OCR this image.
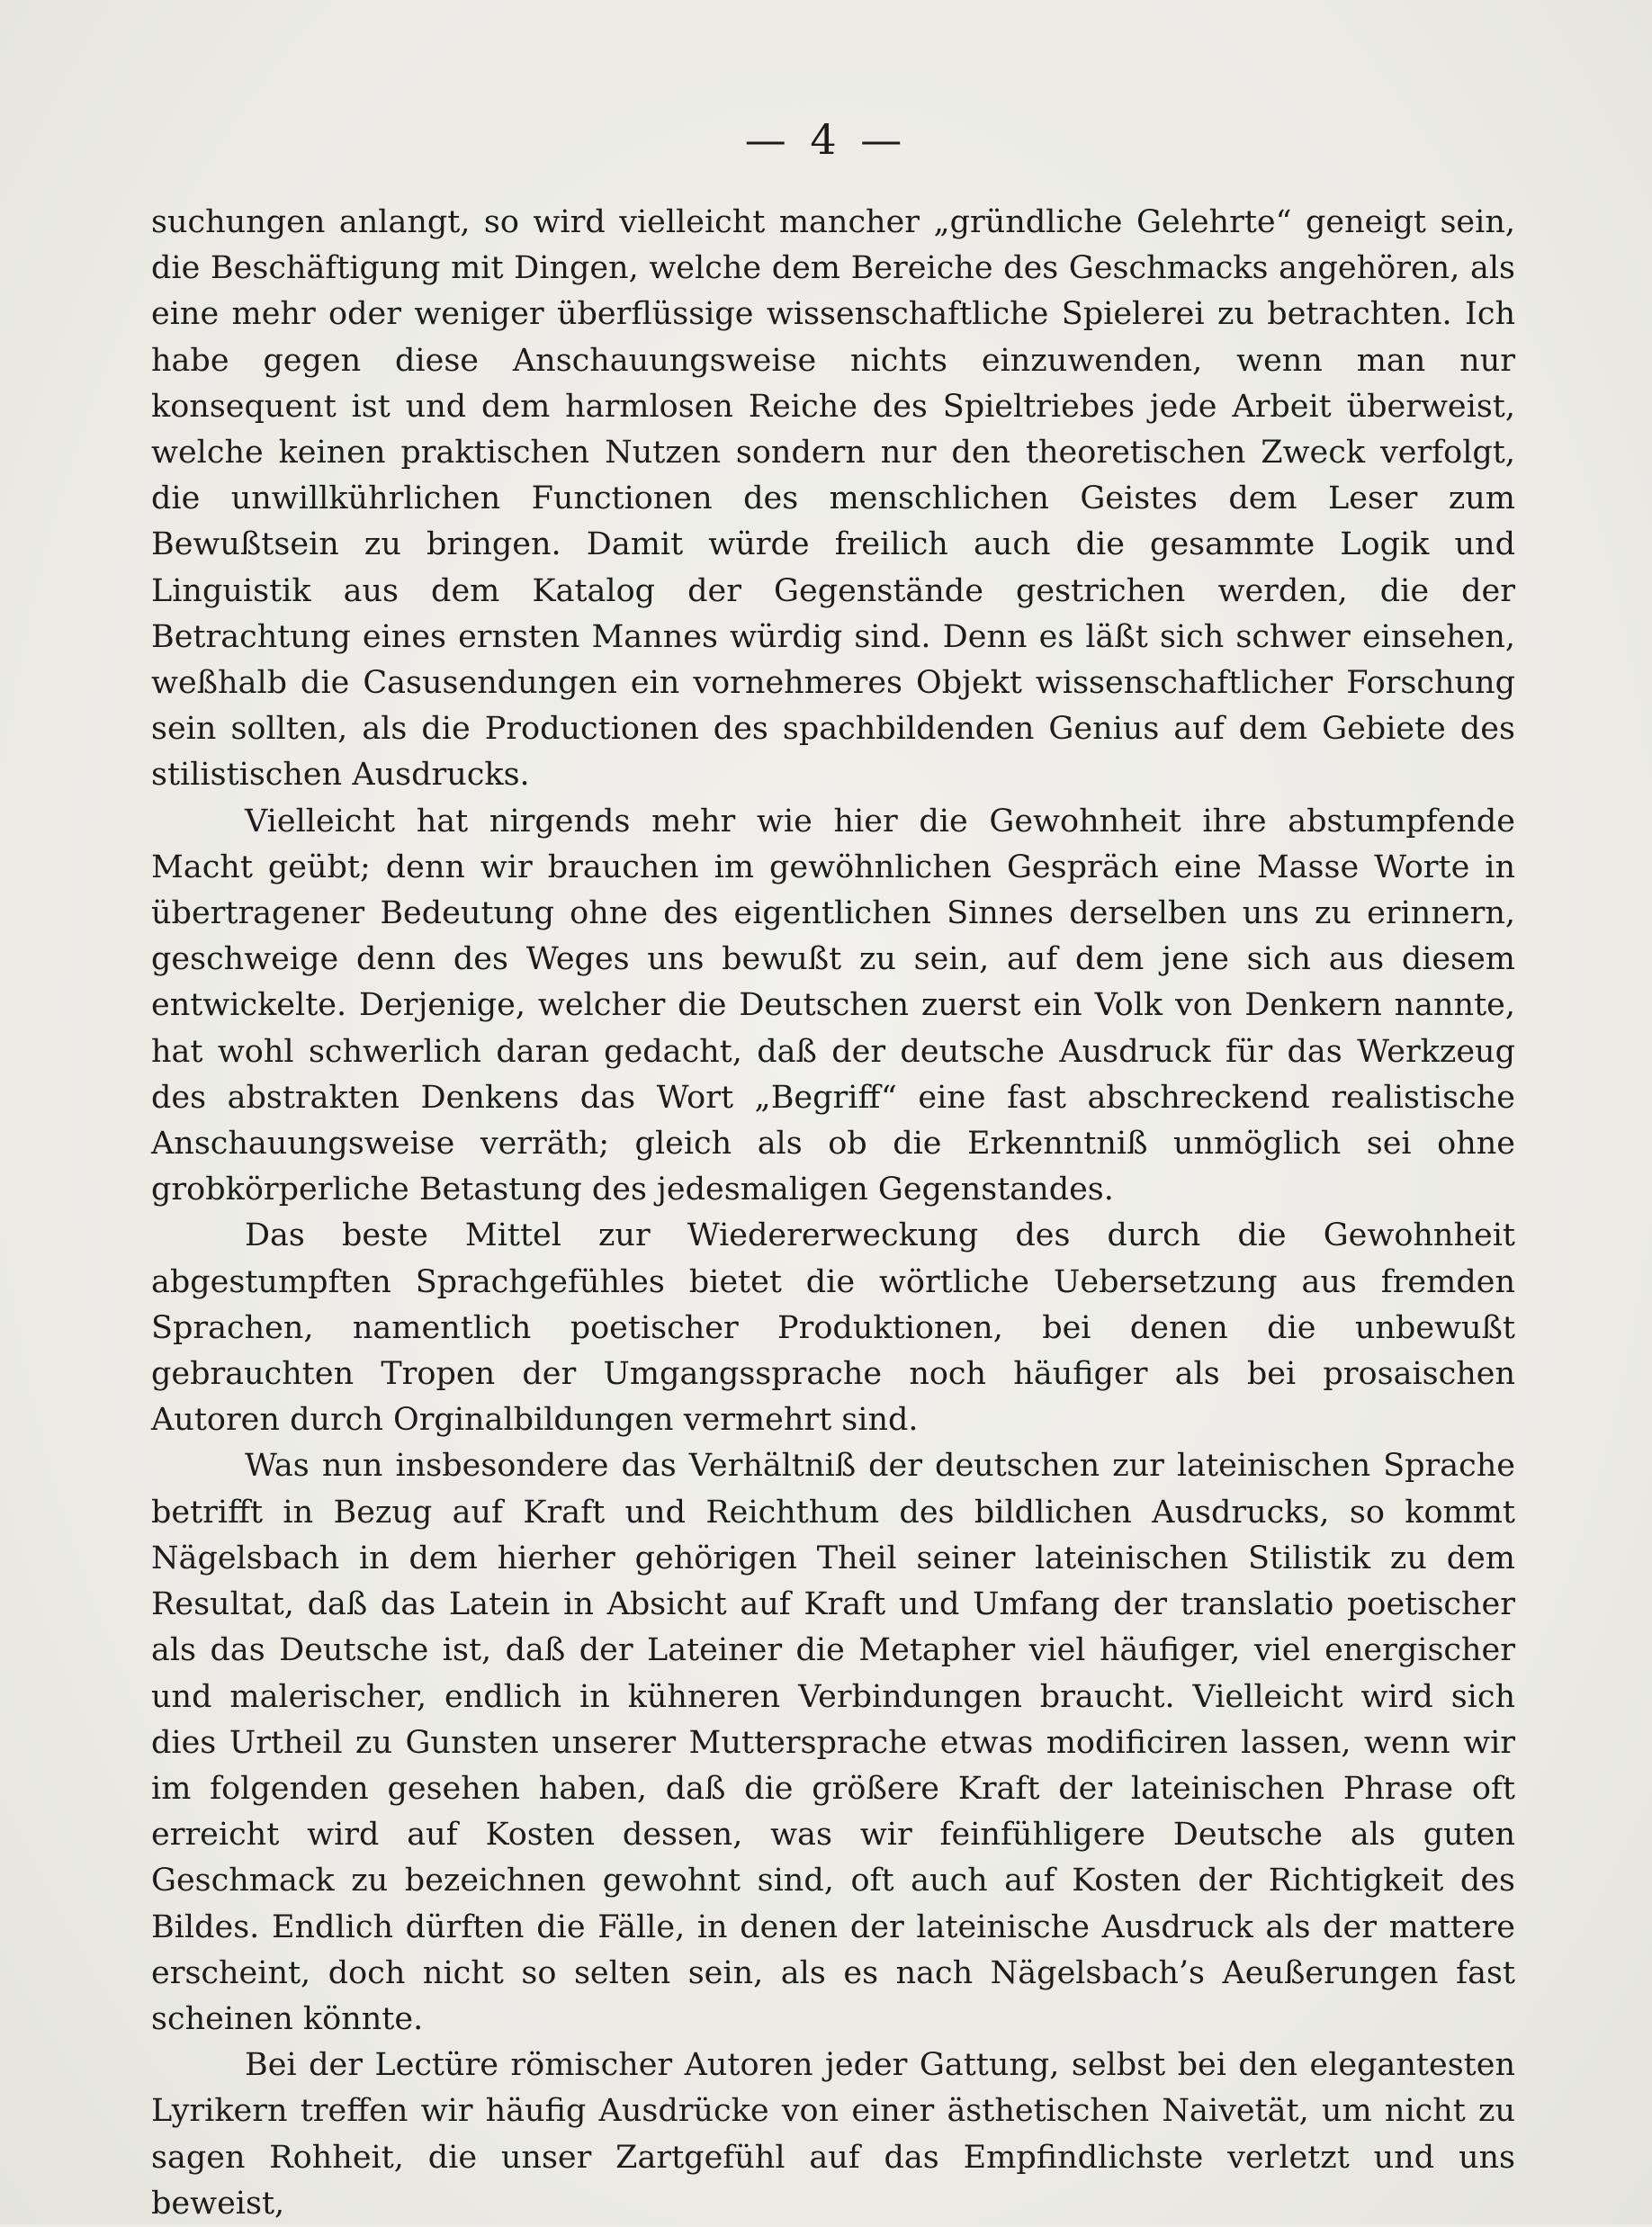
— 4 —

suchungen anlangt, so wird vielleicht mancher „gründliche Gelehrte“ geneigt sein, die Beschäftigung mit Dingen, welche dem Bereiche des Geschmacks angehören, als eine mehr oder weniger überflüssige wissenschaftliche Spielerei zu betrachten. Ich habe gegen diese Anschauungsweise nichts einzuwenden, wenn man nur konsequent ist und dem harmlosen Reiche des Spieltriebes jede Arbeit überweist, welche keinen praktischen Nutzen sondern nur den theoretischen Zweck verfolgt, die unwillkührlichen Functionen des menschlichen Geistes dem Leser zum Bewußtsein zu bringen. Damit würde freilich auch die gesammte Logik und Linguistik aus dem Katalog der Gegenstände gestrichen werden, die der Betrachtung eines ernsten Mannes würdig sind. Denn es läßt sich schwer einsehen, weßhalb die Casusendungen ein vornehmeres Objekt wissenschaftlicher Forschung sein sollten, als die Productionen des spachbildenden Genius auf dem Gebiete des stilistischen Ausdrucks.

Vielleicht hat nirgends mehr wie hier die Gewohnheit ihre abstumpfende Macht geübt; denn wir brauchen im gewöhnlichen Gespräch eine Masse Worte in übertragener Bedeutung ohne des eigentlichen Sinnes derselben uns zu erinnern, geschweige denn des Weges uns bewußt zu sein, auf dem jene sich aus diesem entwickelte. Derjenige, welcher die Deutschen zuerst ein Volk von Denkern nannte, hat wohl schwerlich daran gedacht, daß der deutsche Ausdruck für das Werkzeug des abstrakten Denkens das Wort „Begriff“ eine fast abschreckend realistische Anschauungsweise verräth; gleich als ob die Erkenntniß unmöglich sei ohne grobkörperliche Betastung des jedesmaligen Gegenstandes.

Das beste Mittel zur Wiedererweckung des durch die Gewohnheit abgestumpften Sprachgefühles bietet die wörtliche Uebersetzung aus fremden Sprachen, namentlich poetischer Produktionen, bei denen die unbewußt gebrauchten Tropen der Umgangssprache noch häufiger als bei prosaischen Autoren durch Orginalbildungen vermehrt sind.

Was nun insbesondere das Verhältniß der deutschen zur lateinischen Sprache betrifft in Bezug auf Kraft und Reichthum des bildlichen Ausdrucks, so kommt Nägelsbach in dem hierher gehörigen Theil seiner lateinischen Stilistik zu dem Resultat, daß das Latein in Absicht auf Kraft und Umfang der translatio poetischer als das Deutsche ist, daß der Lateiner die Metapher viel häufiger, viel energischer und malerischer, endlich in kühneren Verbindungen braucht. Vielleicht wird sich dies Urtheil zu Gunsten unserer Muttersprache etwas modificiren lassen, wenn wir im folgenden gesehen haben, daß die größere Kraft der lateinischen Phrase oft erreicht wird auf Kosten dessen, was wir feinfühligere Deutsche als guten Geschmack zu bezeichnen gewohnt sind, oft auch auf Kosten der Richtigkeit des Bildes. Endlich dürften die Fälle, in denen der lateinische Ausdruck als der mattere erscheint, doch nicht so selten sein, als es nach Nägelsbach’s Aeußerungen fast scheinen könnte.

Bei der Lectüre römischer Autoren jeder Gattung, selbst bei den elegantesten Lyrikern treffen wir häufig Ausdrücke von einer ästhetischen Naivetät, um nicht zu sagen Rohheit, die unser Zartgefühl auf das Empfindlichste verletzt und uns beweist,
